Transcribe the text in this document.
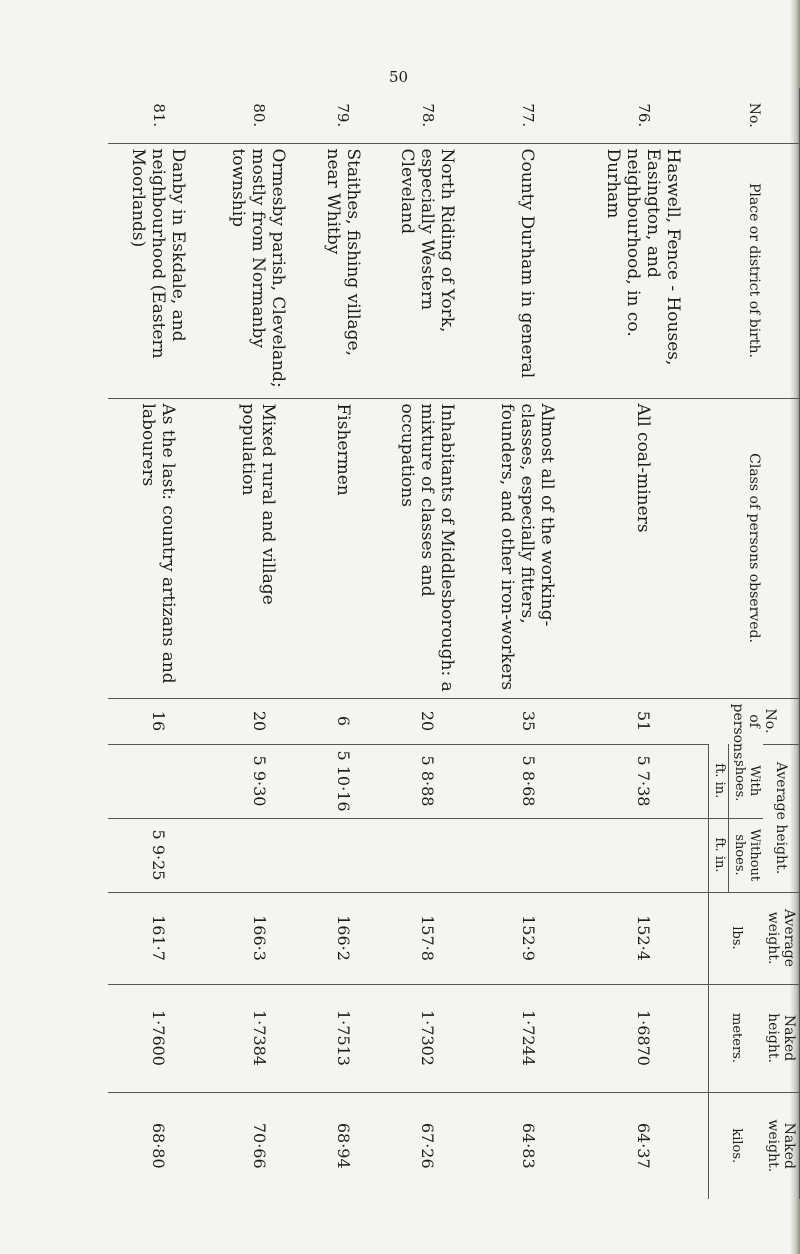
50
No.	Place or district of birth.	Class of persons observed.	No. of persons.	Average height.		Average weight.	Naked height.	Naked weight.
				With shoes.	Without shoes.	lbs.	meters.	kilos.
				ft. in.	ft. in.			
76.	Haswell, Fence - Houses, Easington, and neighbourhood, in co. Durham	All coal-miners	51	5 7·38		152·4	1·6870	64·37
77.	County Durham in general	Almost all of the working-classes, especially fitters, founders, and other iron-workers	35	5 8·68		152·9	1·7244	64·83
78.	North Riding of York, especially Western Cleveland	Inhabitants of Middlesborough: a mixture of classes and occupations	20	5 8·88		157·8	1·7302	67·26
79.	Staithes, fishing village, near Whitby	Fishermen	6	5 10·16		166·2	1·7513	68·94
80.	Ormesby parish, Cleveland; mostly from Normanby township	Mixed rural and village population	20	5 9·30		166·3	1·7384	70·66
81.	Danby in Eskdale, and neighbourhood (Eastern Moorlands)	As the last: country artizans and labourers	16		5 9·25	161·7	1·7600	68·80
